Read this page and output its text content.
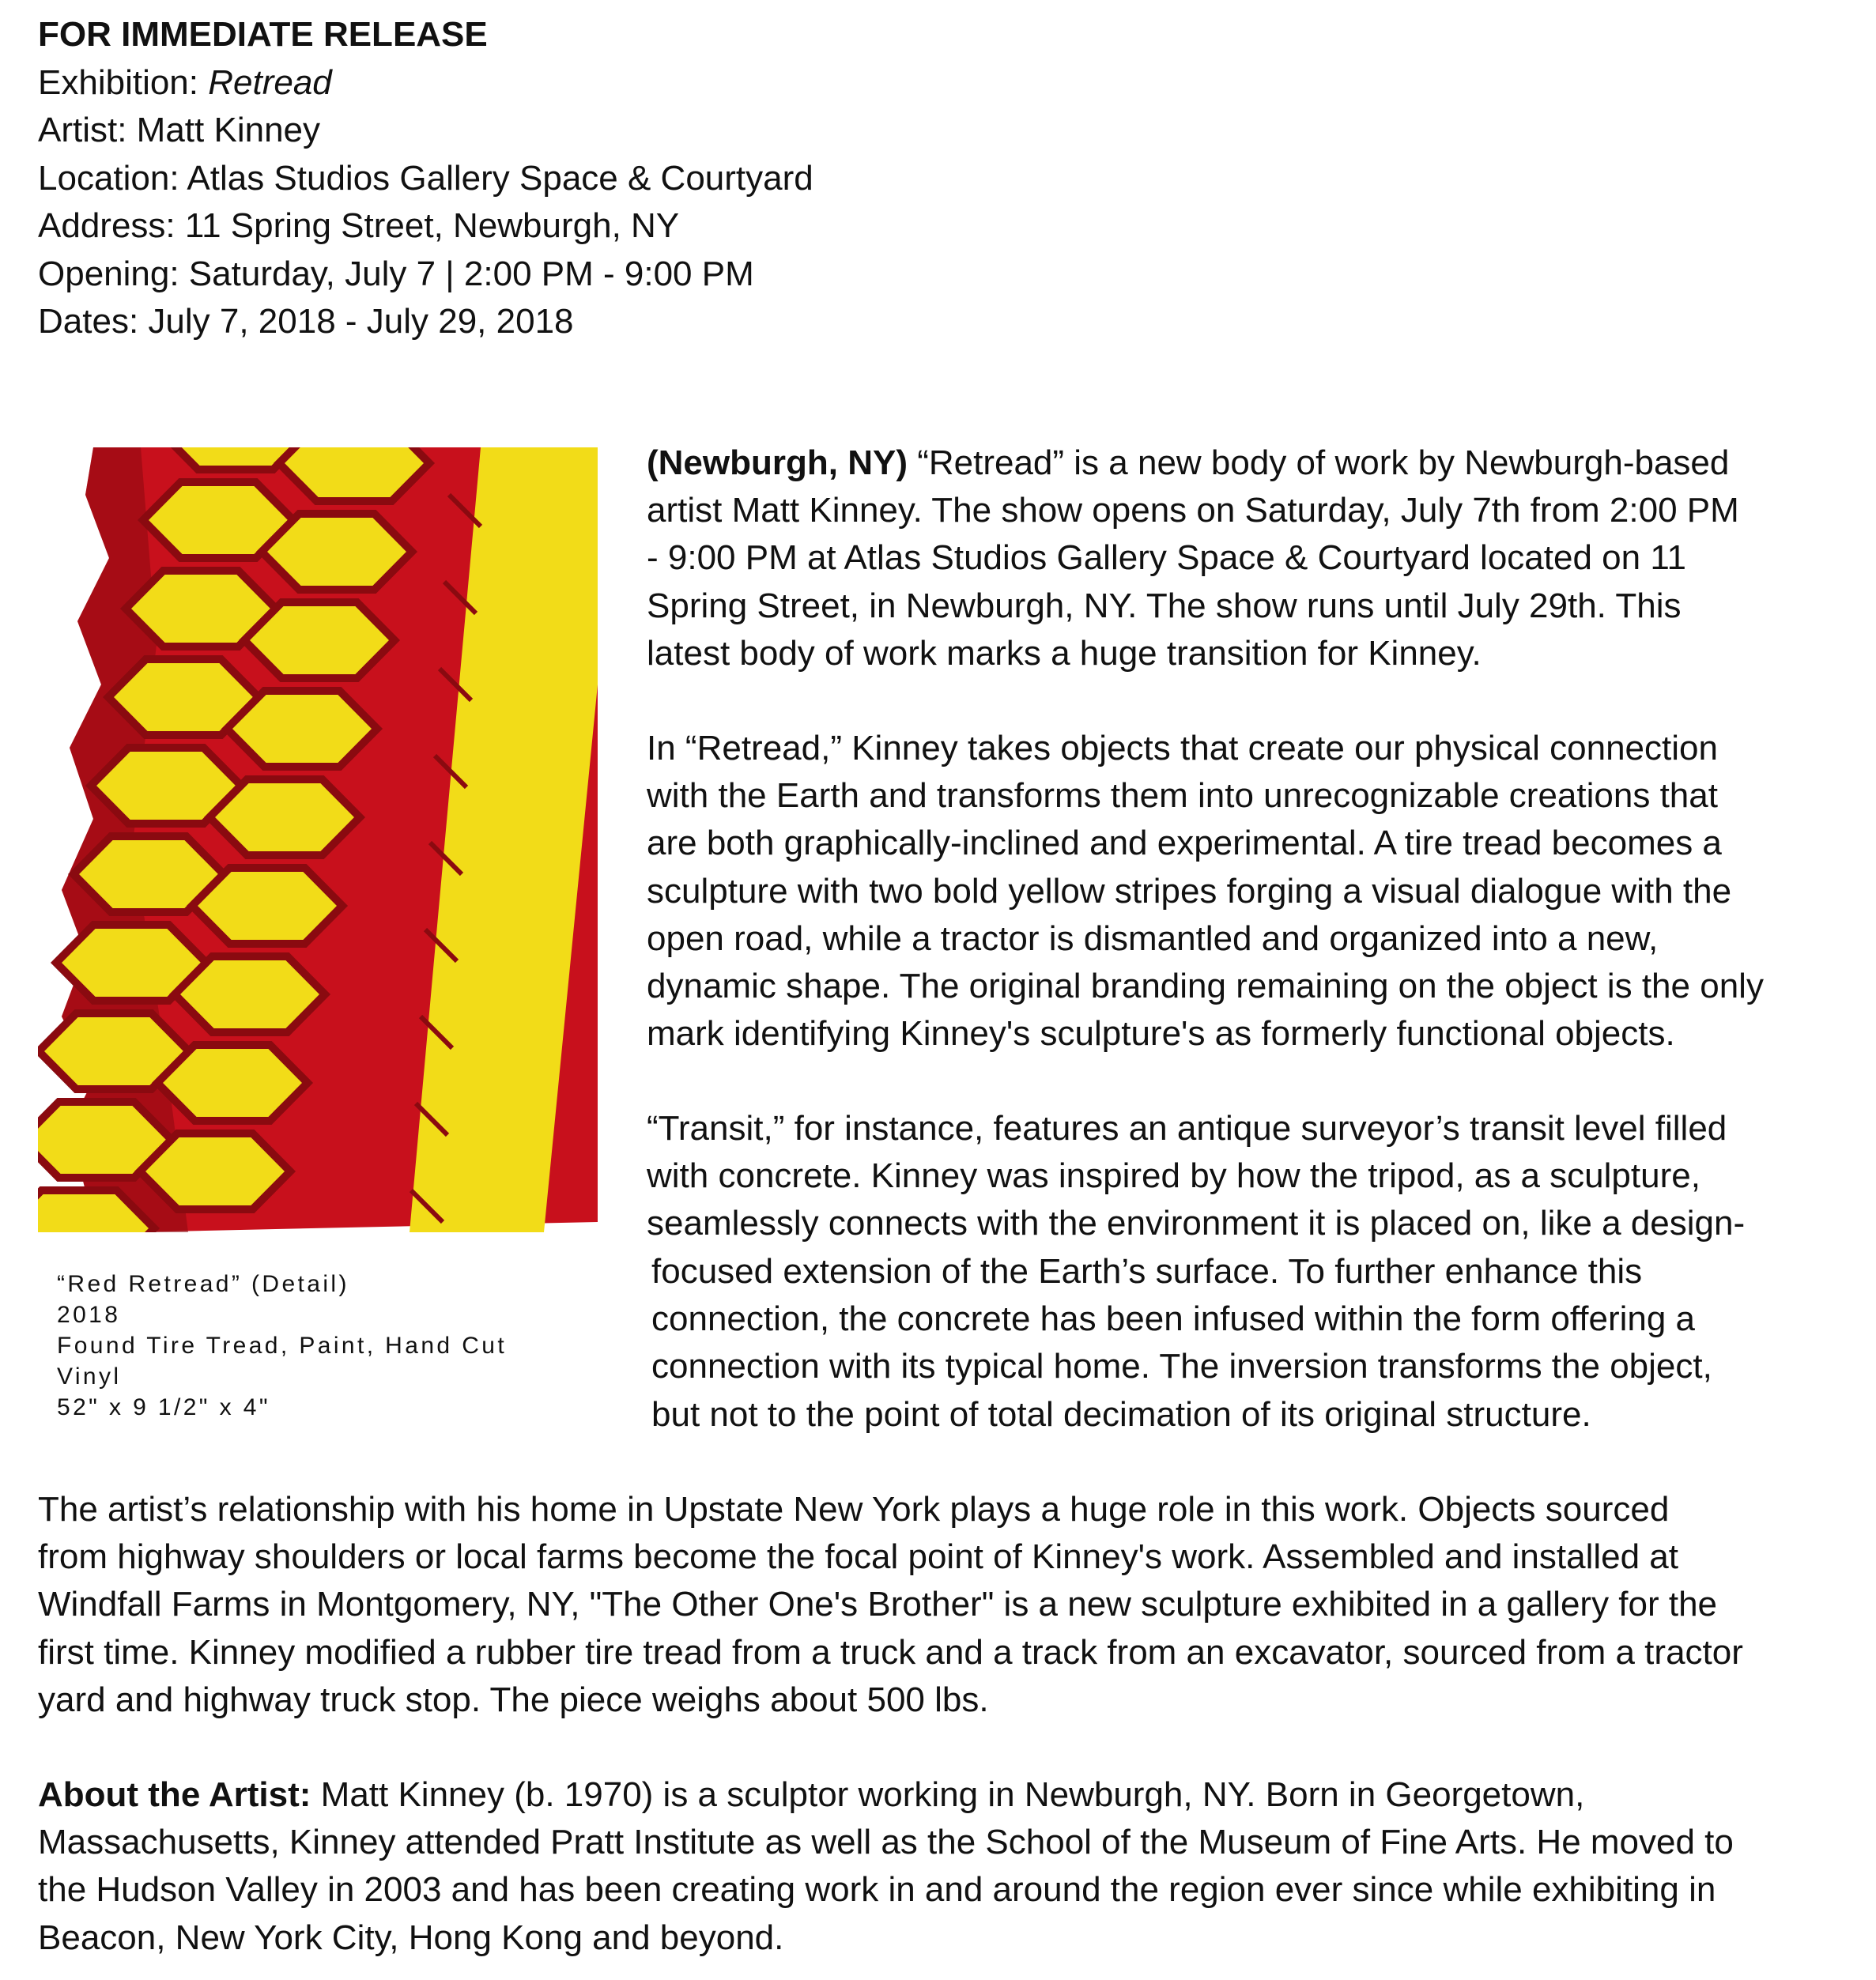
FOR IMMEDIATE RELEASE
Exhibition: Retread
Artist: Matt Kinney
Location: Atlas Studios Gallery Space & Courtyard
Address: 11 Spring Street, Newburgh, NY
Opening: Saturday, July 7 | 2:00 PM - 9:00 PM
Dates: July 7, 2018 - July 29, 2018
“Red Retread” (Detail)
2018
Found Tire Tread, Paint, Hand Cut
Vinyl
52" x 9 1/2" x 4"
(Newburgh, NY) “Retread” is a new body of work by Newburgh-based
artist Matt Kinney. The show opens on Saturday, July 7th from 2:00 PM
- 9:00 PM at Atlas Studios Gallery Space & Courtyard located on 11
Spring Street, in Newburgh, NY. The show runs until July 29th. This
latest body of work marks a huge transition for Kinney.
In “Retread,” Kinney takes objects that create our physical connection
with the Earth and transforms them into unrecognizable creations that
are both graphically-inclined and experimental. A tire tread becomes a
sculpture with two bold yellow stripes forging a visual dialogue with the
open road, while a tractor is dismantled and organized into a new,
dynamic shape. The original branding remaining on the object is the only
mark identifying Kinney's sculpture's as formerly functional objects.
“Transit,” for instance, features an antique surveyor’s transit level filled
with concrete. Kinney was inspired by how the tripod, as a sculpture,
seamlessly connects with the environment it is placed on, like a design-
focused extension of the Earth’s surface. To further enhance this
connection, the concrete has been infused within the form offering a
connection with its typical home. The inversion transforms the object,
but not to the point of total decimation of its original structure.
The artist’s relationship with his home in Upstate New York plays a huge role in this work. Objects sourced
from highway shoulders or local farms become the focal point of Kinney's work. Assembled and installed at
Windfall Farms in Montgomery, NY, "The Other One's Brother" is a new sculpture exhibited in a gallery for the
first time. Kinney modified a rubber tire tread from a truck and a track from an excavator, sourced from a tractor
yard and highway truck stop. The piece weighs about 500 lbs.
About the Artist: Matt Kinney (b. 1970) is a sculptor working in Newburgh, NY. Born in Georgetown,
Massachusetts, Kinney attended Pratt Institute as well as the School of the Museum of Fine Arts. He moved to
the Hudson Valley in 2003 and has been creating work in and around the region ever since while exhibiting in
Beacon, New York City, Hong Kong and beyond.
